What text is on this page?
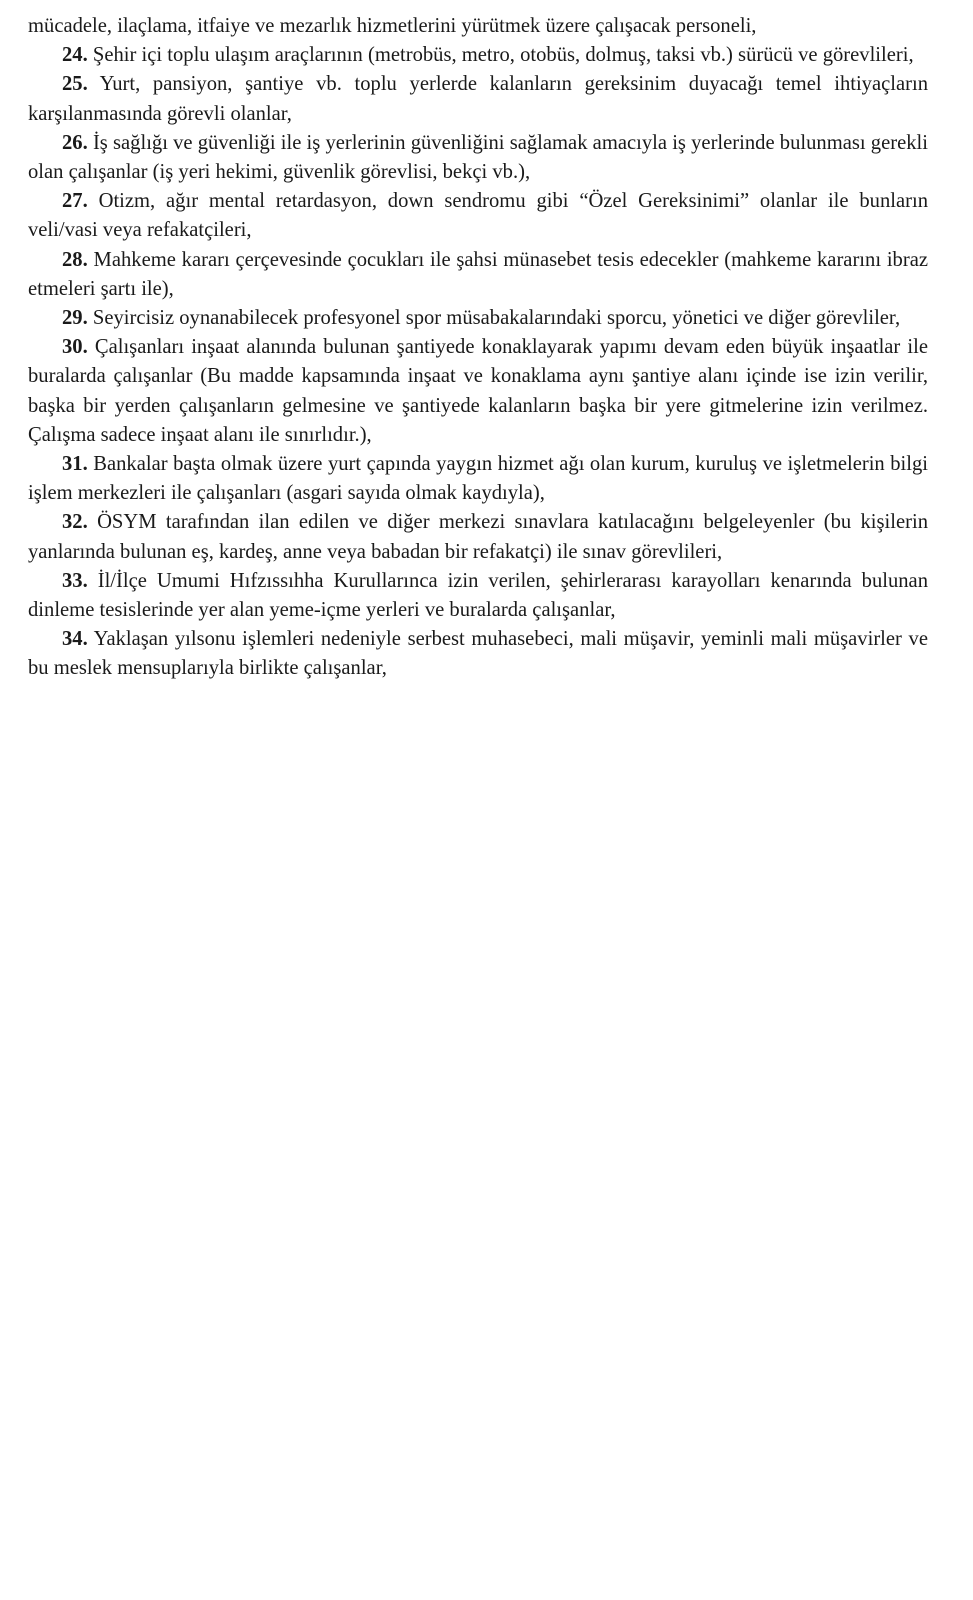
mücadele, ilaçlama, itfaiye ve mezarlık hizmetlerini yürütmek üzere çalışacak personeli,

24. Şehir içi toplu ulaşım araçlarının (metrobüs, metro, otobüs, dolmuş, taksi vb.) sürücü ve görevlileri,

25. Yurt, pansiyon, şantiye vb. toplu yerlerde kalanların gereksinim duyacağı temel ihtiyaçların karşılanmasında görevli olanlar,

26. İş sağlığı ve güvenliği ile iş yerlerinin güvenliğini sağlamak amacıyla iş yerlerinde bulunması gerekli olan çalışanlar (iş yeri hekimi, güvenlik görevlisi, bekçi vb.),

27. Otizm, ağır mental retardasyon, down sendromu gibi “Özel Gereksinimi” olanlar ile bunların veli/vasi veya refakatçileri,

28. Mahkeme kararı çerçevesinde çocukları ile şahsi münasebet tesis edecekler (mahkeme kararını ibraz etmeleri şartı ile),

29. Seyircisiz oynanabilecek profesyonel spor müsabakalarındaki sporcu, yönetici ve diğer görevliler,

30. Çalışanları inşaat alanında bulunan şantiyede konaklayarak yapımı devam eden büyük inşaatlar ile buralarda çalışanlar (Bu madde kapsamında inşaat ve konaklama aynı şantiye alanı içinde ise izin verilir, başka bir yerden çalışanların gelmesine ve şantiyede kalanların başka bir yere gitmelerine izin verilmez. Çalışma sadece inşaat alanı ile sınırlıdır.),

31. Bankalar başta olmak üzere yurt çapında yaygın hizmet ağı olan kurum, kuruluş ve işletmelerin bilgi işlem merkezleri ile çalışanları (asgari sayıda olmak kaydıyla),

32. ÖSYM tarafından ilan edilen ve diğer merkezi sınavlara katılacağını belgeleyenler (bu kişilerin yanlarında bulunan eş, kardeş, anne veya babadan bir refakatçi) ile sınav görevlileri,

33. İl/İlçe Umumi Hıfzıssıhha Kurullarınca izin verilen, şehirlerarası karayolları kenarında bulunan dinleme tesislerinde yer alan yeme-içme yerleri ve buralarda çalışanlar,

34. Yaklaşan yılsonu işlemleri nedeniyle serbest muhasebeci, mali müşavir, yeminli mali müşavirler ve bu meslek mensuplarıyla birlikte çalışanlar,
